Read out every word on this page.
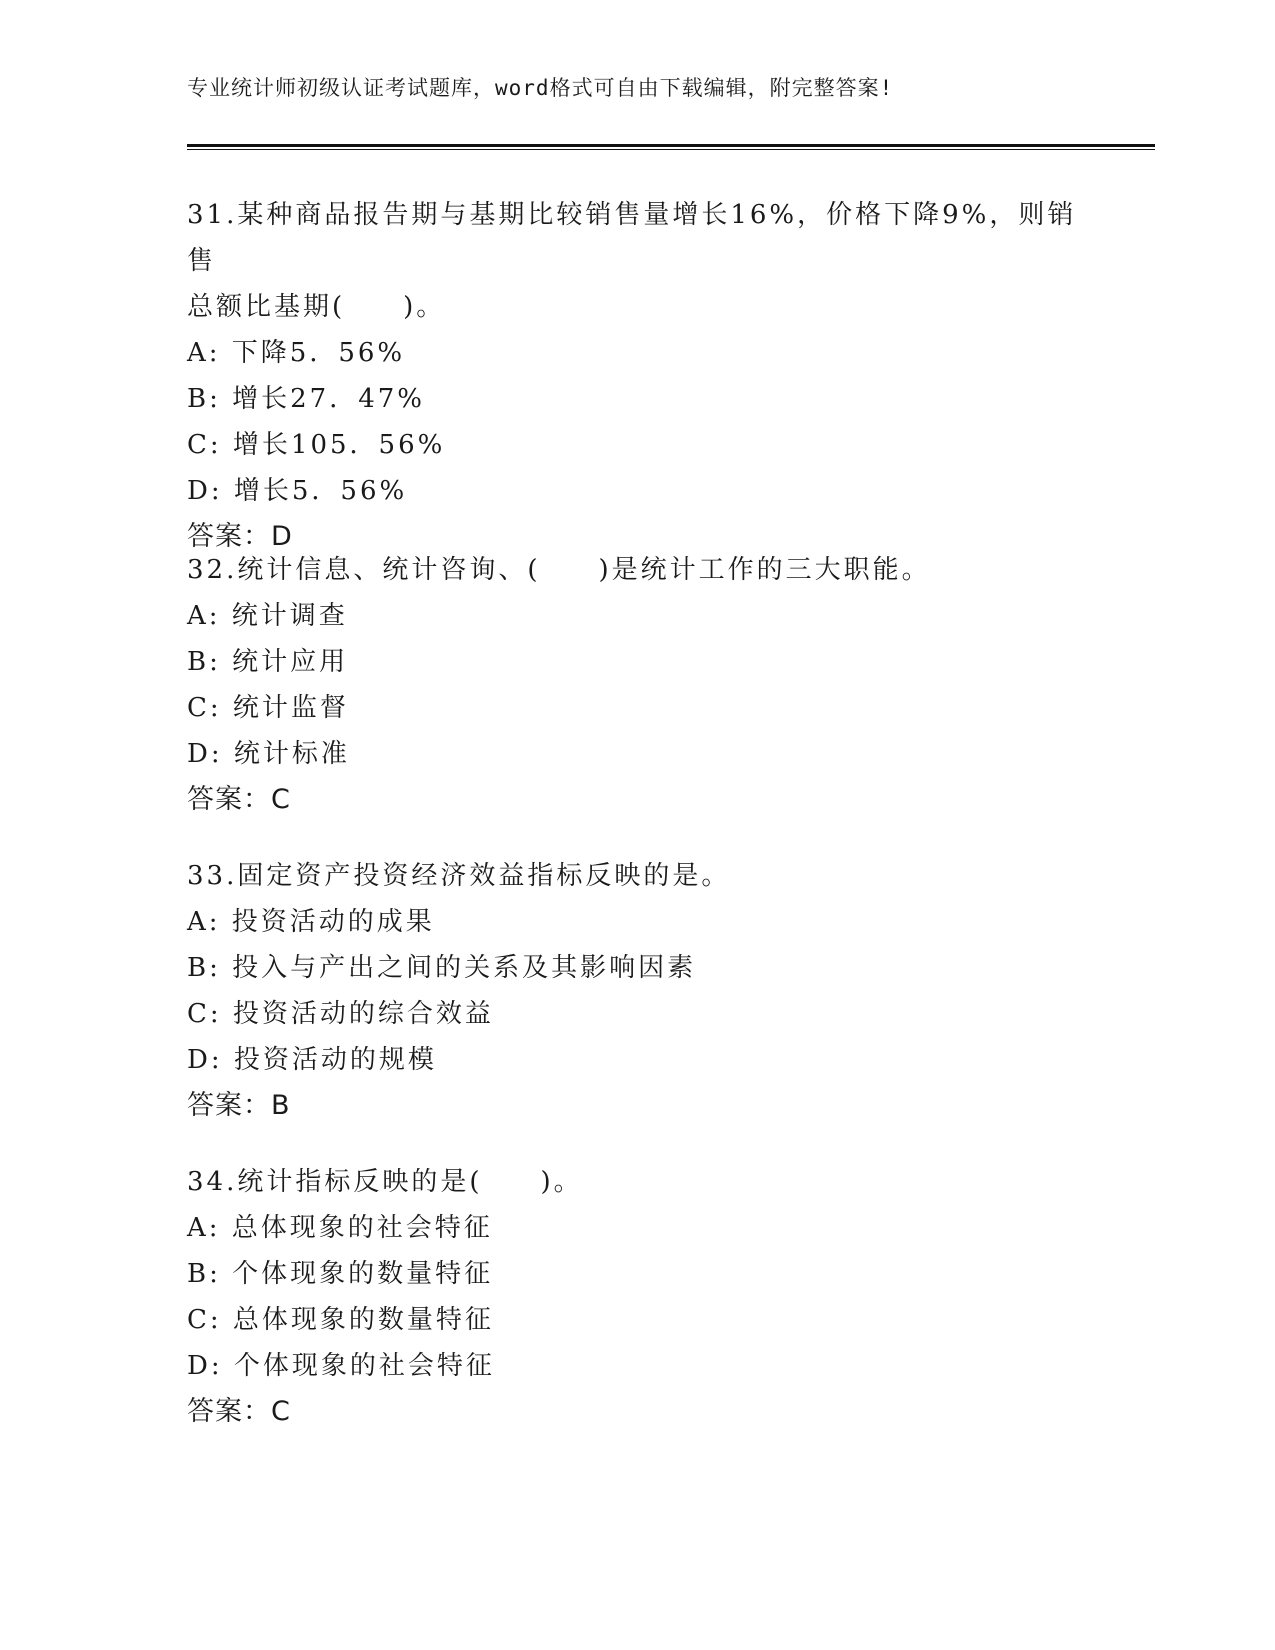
专业统计师初级认证考试题库，word格式可自由下载编辑，附完整答案!

31.某种商品报告期与基期比较销售量增长16%，价格下降9%，则销售

总额比基期(　　)。

A: 下降5．56%

B: 增长27．47%

C: 增长105．56%

D: 增长5．56%

答案：D

32.统计信息、统计咨询、(　　)是统计工作的三大职能。

A: 统计调查

B: 统计应用

C: 统计监督

D: 统计标准

答案：C

33.固定资产投资经济效益指标反映的是。

A: 投资活动的成果

B: 投入与产出之间的关系及其影响因素

C: 投资活动的综合效益

D: 投资活动的规模

答案：B

34.统计指标反映的是(　　)。

A: 总体现象的社会特征

B: 个体现象的数量特征

C: 总体现象的数量特征

D: 个体现象的社会特征

答案：C
